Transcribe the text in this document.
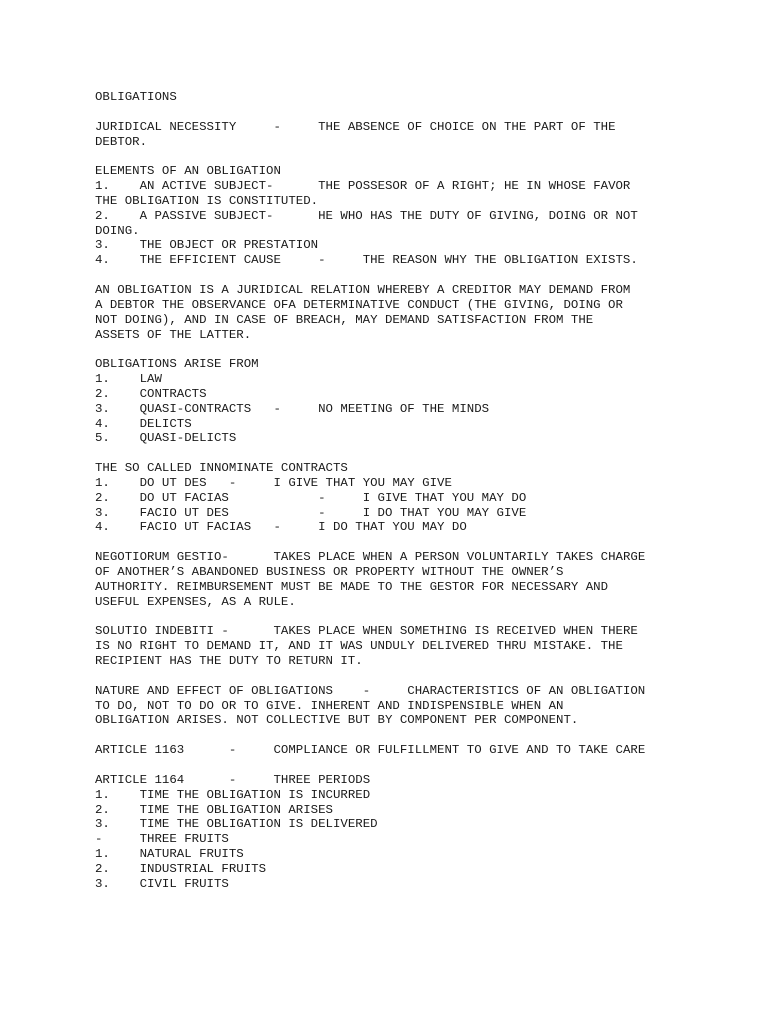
OBLIGATIONS

JURIDICAL NECESSITY	-	THE ABSENCE OF CHOICE ON THE PART OF THE
DEBTOR.

ELEMENTS OF AN OBLIGATION
1.	AN ACTIVE SUBJECT-	THE POSSESOR OF A RIGHT; HE IN WHOSE FAVOR
THE OBLIGATION IS CONSTITUTED.
2.	A PASSIVE SUBJECT-	HE WHO HAS THE DUTY OF GIVING, DOING OR NOT
DOING.
3.	THE OBJECT OR PRESTATION
4.	THE EFFICIENT CAUSE	-	THE REASON WHY THE OBLIGATION EXISTS.

AN OBLIGATION IS A JURIDICAL RELATION WHEREBY A CREDITOR MAY DEMAND FROM
A DEBTOR THE OBSERVANCE OFA DETERMINATIVE CONDUCT (THE GIVING, DOING OR
NOT DOING), AND IN CASE OF BREACH, MAY DEMAND SATISFACTION FROM THE
ASSETS OF THE LATTER.

OBLIGATIONS ARISE FROM
1.	LAW
2.	CONTRACTS
3.	QUASI-CONTRACTS	-	NO MEETING OF THE MINDS
4.	DELICTS
5.	QUASI-DELICTS

THE SO CALLED INNOMINATE CONTRACTS
1.	DO UT DES	-	I GIVE THAT YOU MAY GIVE
2.	DO UT FACIAS		-	I GIVE THAT YOU MAY DO
3.	FACIO UT DES		-	I DO THAT YOU MAY GIVE
4.	FACIO UT FACIAS	-	I DO THAT YOU MAY DO

NEGOTIORUM GESTIO-	TAKES PLACE WHEN A PERSON VOLUNTARILY TAKES CHARGE
OF ANOTHER’S ABANDONED BUSINESS OR PROPERTY WITHOUT THE OWNER’S
AUTHORITY. REIMBURSEMENT MUST BE MADE TO THE GESTOR FOR NECESSARY AND
USEFUL EXPENSES, AS A RULE.

SOLUTIO INDEBITI -	TAKES PLACE WHEN SOMETHING IS RECEIVED WHEN THERE
IS NO RIGHT TO DEMAND IT, AND IT WAS UNDULY DELIVERED THRU MISTAKE. THE
RECIPIENT HAS THE DUTY TO RETURN IT.

NATURE AND EFFECT OF OBLIGATIONS	-	CHARACTERISTICS OF AN OBLIGATION
TO DO, NOT TO DO OR TO GIVE. INHERENT AND INDISPENSIBLE WHEN AN
OBLIGATION ARISES. NOT COLLECTIVE BUT BY COMPONENT PER COMPONENT.

ARTICLE 1163	-	COMPLIANCE OR FULFILLMENT TO GIVE AND TO TAKE CARE

ARTICLE 1164	-	THREE PERIODS
1.	TIME THE OBLIGATION IS INCURRED
2.	TIME THE OBLIGATION ARISES
3.	TIME THE OBLIGATION IS DELIVERED
-	THREE FRUITS
1.	NATURAL FRUITS
2.	INDUSTRIAL FRUITS
3.	CIVIL FRUITS
